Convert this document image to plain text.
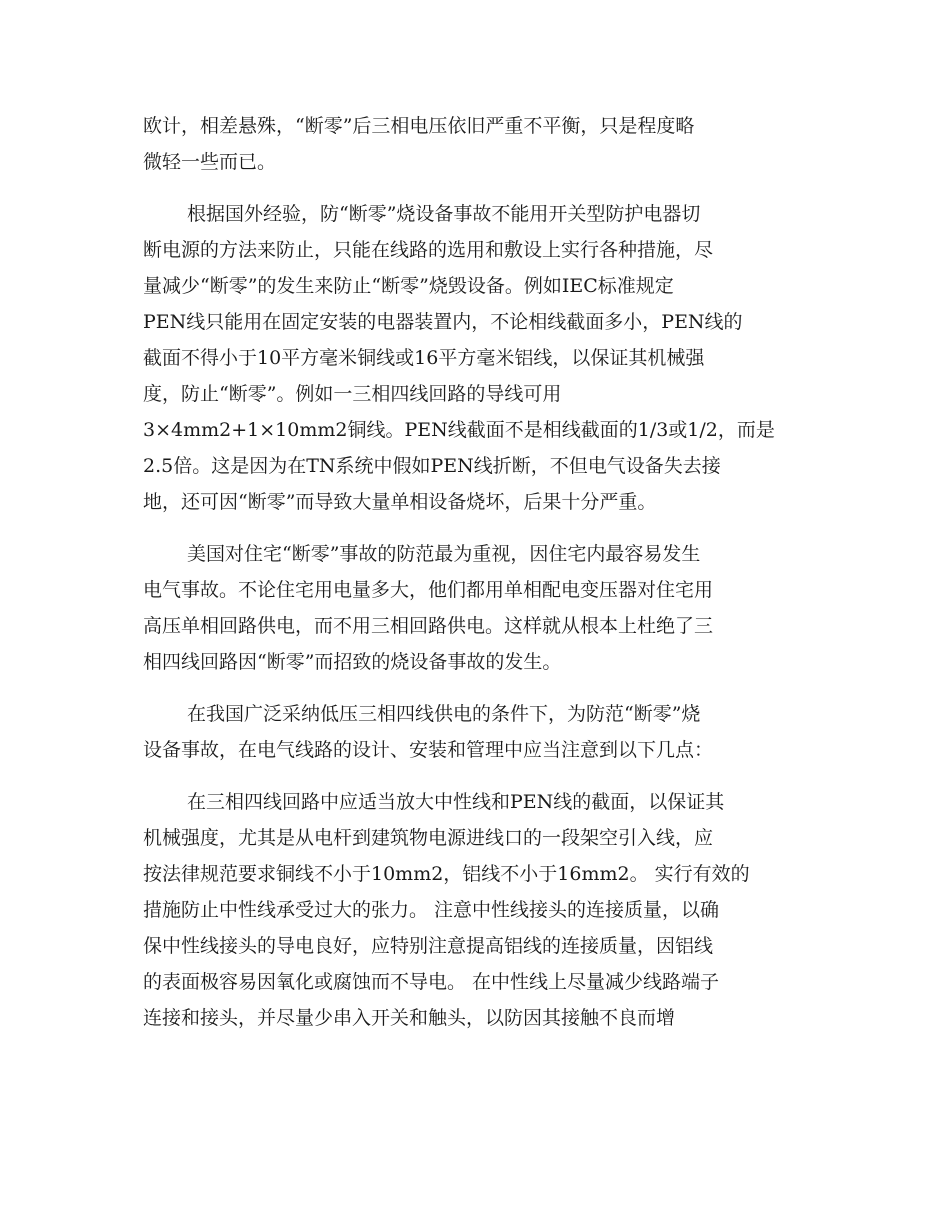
欧计，相差悬殊，“断零”后三相电压依旧严重不平衡，只是程度略
微轻一些而已。

根据国外经验，防“断零”烧设备事故不能用开关型防护电器切
断电源的方法来防止，只能在线路的选用和敷设上实行各种措施，尽
量减少“断零”的发生来防止“断零”烧毁设备。例如IEC标准规定
PEN线只能用在固定安装的电器装置内，不论相线截面多小，PEN线的
截面不得小于10平方毫米铜线或16平方毫米铝线，以保证其机械强
度，防止“断零”。例如一三相四线回路的导线可用
3×4mm2+1×10mm2铜线。PEN线截面不是相线截面的1/3或1/2，而是
2.5倍。这是因为在TN系统中假如PEN线折断，不但电气设备失去接
地，还可因“断零”而导致大量单相设备烧坏，后果十分严重。

美国对住宅“断零”事故的防范最为重视，因住宅内最容易发生
电气事故。不论住宅用电量多大，他们都用单相配电变压器对住宅用
高压单相回路供电，而不用三相回路供电。这样就从根本上杜绝了三
相四线回路因“断零”而招致的烧设备事故的发生。

在我国广泛采纳低压三相四线供电的条件下，为防范“断零”烧
设备事故，在电气线路的设计、安装和管理中应当注意到以下几点：

在三相四线回路中应适当放大中性线和PEN线的截面，以保证其
机械强度，尤其是从电杆到建筑物电源进线口的一段架空引入线，应
按法律规范要求铜线不小于10mm2，铝线不小于16mm2。 实行有效的
措施防止中性线承受过大的张力。 注意中性线接头的连接质量，以确
保中性线接头的导电良好，应特别注意提高铝线的连接质量，因铝线
的表面极容易因氧化或腐蚀而不导电。 在中性线上尽量减少线路端子
连接和接头，并尽量少串入开关和触头，以防因其接触不良而增
